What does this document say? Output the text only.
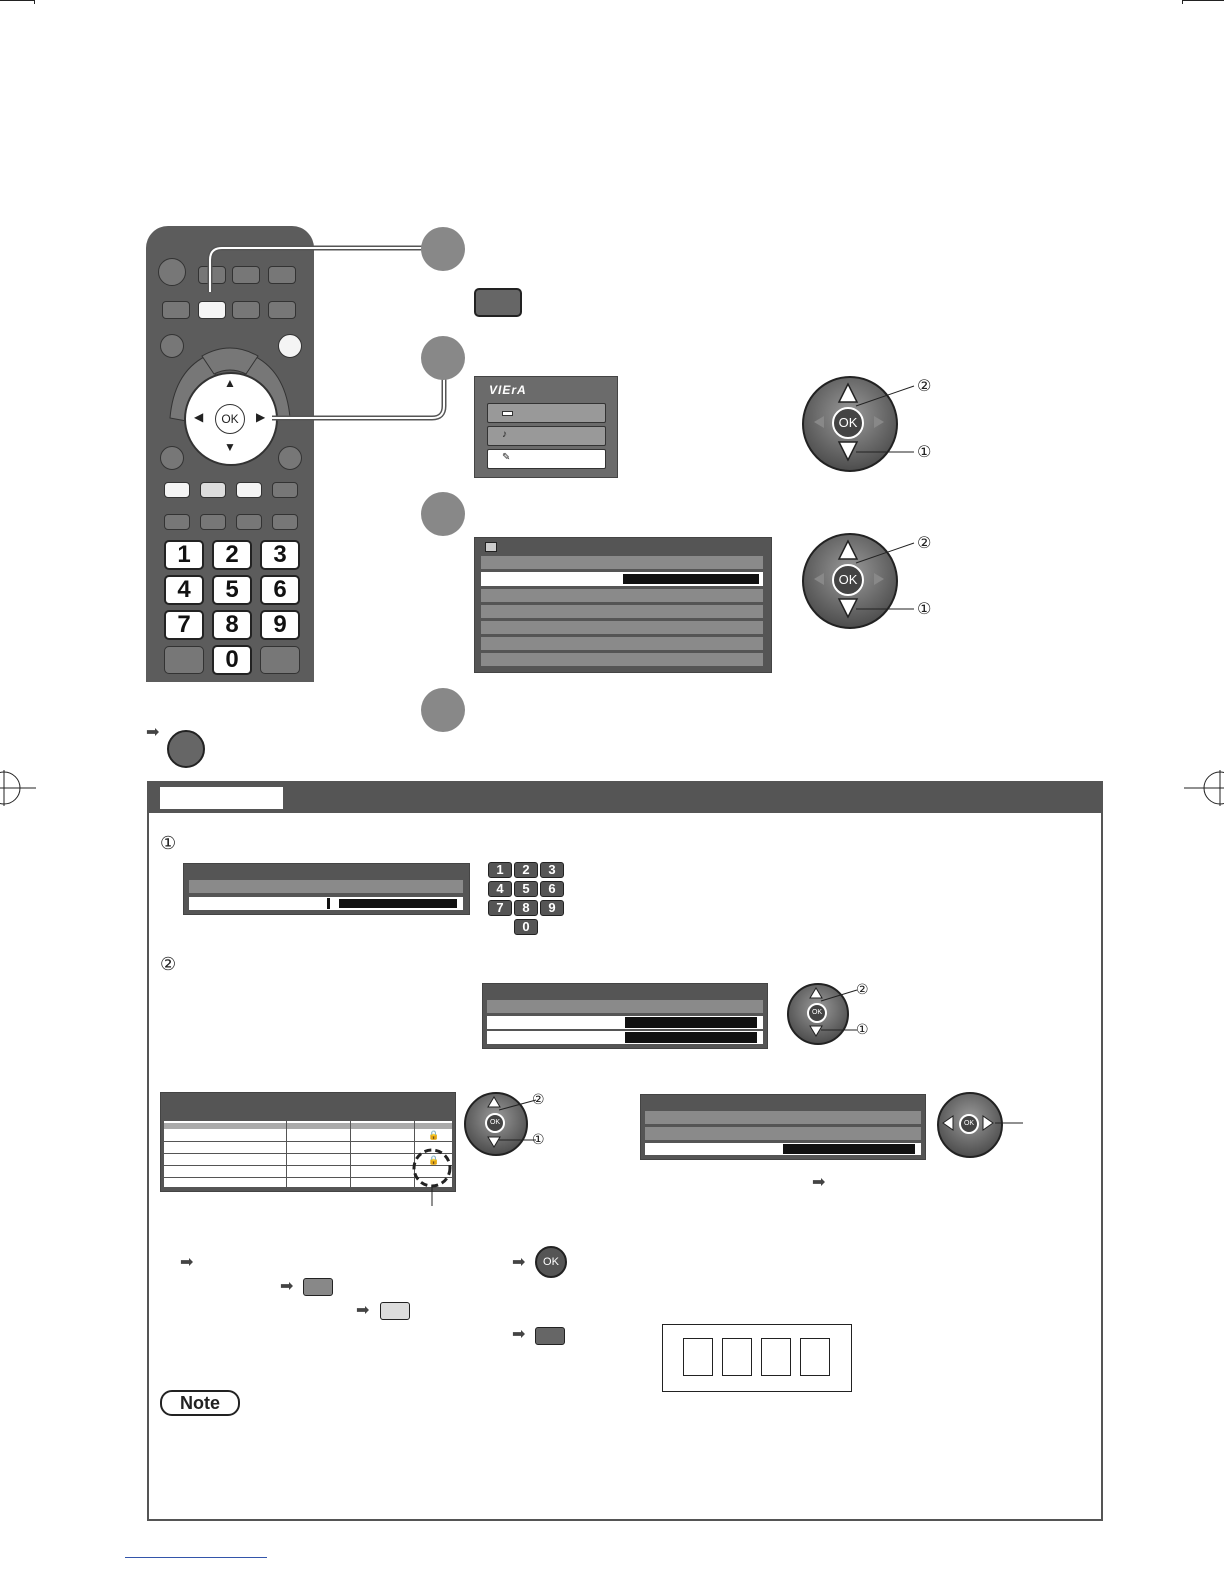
OK
▲
▼
◀	▶
1	2	3
4	5	6
7	8	9
0
VIErA
♪
✎
OK
②
①
OK
②
①
➡
①
1	2	3
4	5	6
7	8	9
0
②
OK
②
①
🔒
🔒
OK
②
①
OK
➡
➡
➡
➡
➡	OK
➡
Note
